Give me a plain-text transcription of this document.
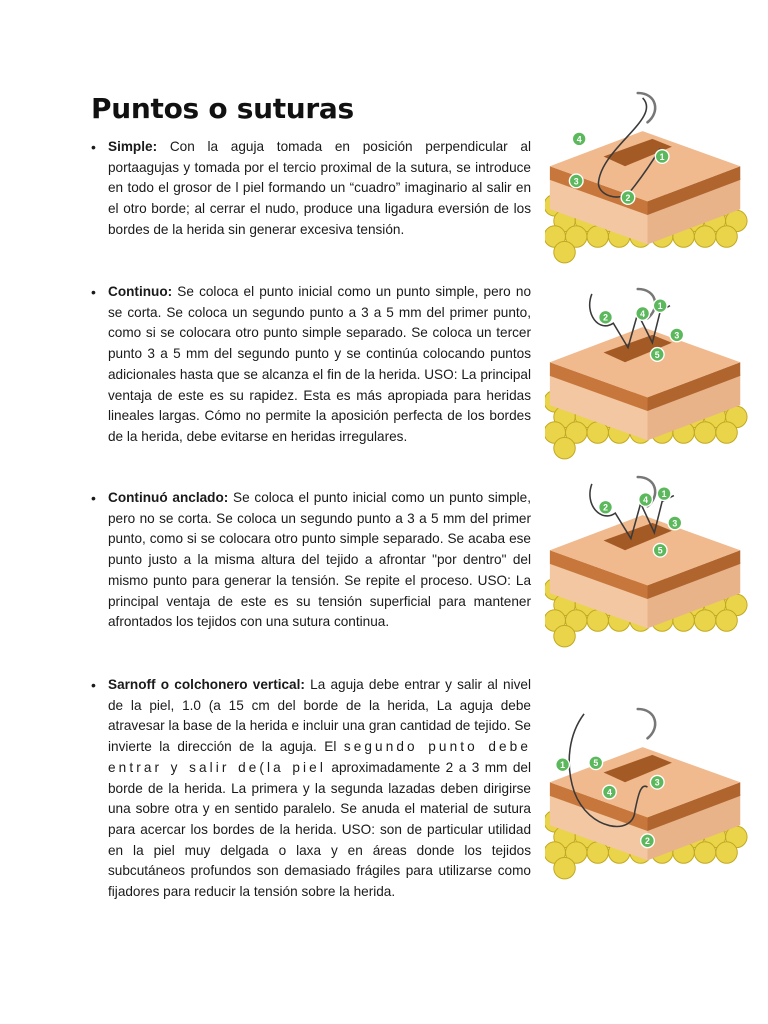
Puntos o suturas
• Simple: Con la aguja tomada en posición perpendicular al portaagujas y tomada por el tercio proximal de la sutura, se introduce en todo el grosor de l piel formando un “cuadro” imaginario al salir en el otro borde; al cerrar el nudo, produce una ligadura eversión de los bordes de la herida sin generar excesiva tensión.
• Continuo: Se coloca el punto inicial como un punto simple, pero no se corta. Se coloca un segundo punto a 3 a 5 mm del primer punto, como si se colocara otro punto simple separado. Se coloca un tercer punto 3 a 5 mm del segundo punto y se continúa colocando puntos adicionales hasta que se alcanza el fin de la herida. USO: La principal ventaja de este es su rapidez. Esta es más apropiada para heridas lineales largas. Cómo no permite la aposición perfecta de los bordes de la herida, debe evitarse en heridas irregulares.
• Continuó anclado: Se coloca el punto inicial como un punto simple, pero no se corta. Se coloca un segundo punto a 3 a 5 mm del primer punto, como si se colocara otro punto simple separado. Se acaba ese punto justo a la misma altura del tejido a afrontar "por dentro" del mismo punto para generar la tensión. Se repite el proceso. USO: La principal ventaja de este es su tensión superficial para mantener afrontados los tejidos con una sutura continua.
• Sarnoff o colchonero vertical: La aguja debe entrar y salir al nivel de la piel, 1.0 (a 15 cm del borde de la herida, La aguja debe atravesar la base de la herida e incluir una gran cantidad de tejido. Se invierte la dirección de la aguja. El segundo punto debe entrar y salir de(la piel aproximadamente 2 a 3 mm del borde de la herida. La primera y la segunda lazadas deben dirigirse una sobre otra y en sentido paralelo. Se anuda el material de sutura para acercar los bordes de la herida. USO: son de particular utilidad en la piel muy delgada o laxa y en áreas donde los tejidos subcutáneos profundos son demasiado frágiles para utilizarse como fijadores para reducir la tensión sobre la herida.
1
2
3
4
1
2
3
4
5
1
2
3
4
5
1
2
3
4
5
